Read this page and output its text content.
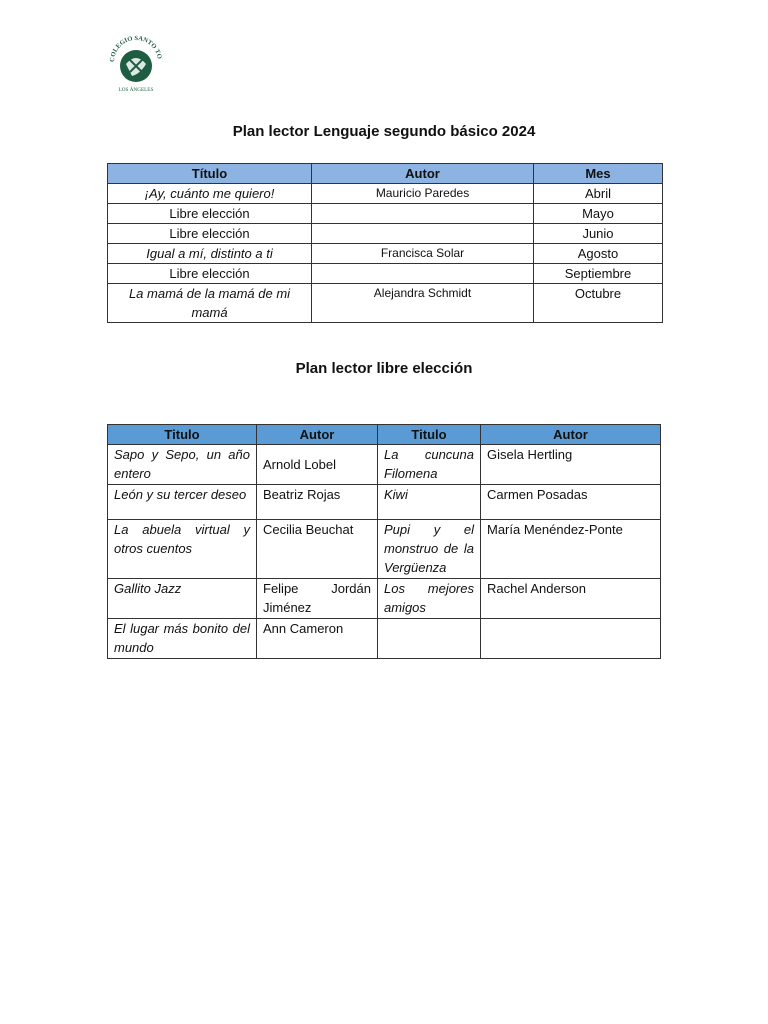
COLEGIO SANTO TO
LOS ÁNGELES
Plan lector Lenguaje segundo básico 2024
Título	Autor	Mes
¡Ay, cuánto me quiero!	Mauricio Paredes	Abril
Libre elección		Mayo
Libre elección		Junio
Igual a mí, distinto a ti	Francisca Solar	Agosto
Libre elección		Septiembre
La mamá de la mamá de mi mamá	Alejandra Schmidt	Octubre
Plan lector libre elección
Titulo	Autor	Titulo	Autor
Sapo y Sepo, un año entero	Arnold Lobel	La cuncuna Filomena	Gisela Hertling
León y su tercer deseo	Beatriz Rojas	Kiwi	Carmen Posadas
La abuela virtual y otros cuentos	Cecilia Beuchat	Pupi y el monstruo de la Vergüenza	María Menéndez-Ponte
Gallito Jazz	Felipe Jordán Jiménez	Los mejores amigos	Rachel Anderson
El lugar más bonito del mundo	Ann Cameron		
